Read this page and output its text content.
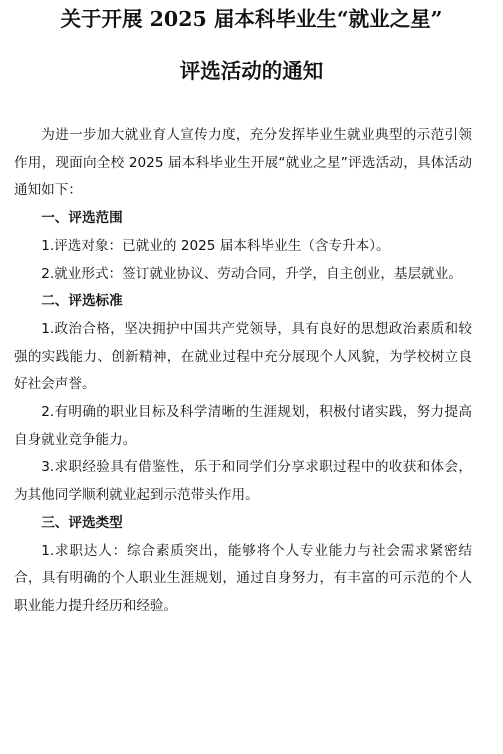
关于开展 2025 届本科毕业生“就业之星”
评选活动的通知

为进一步加大就业育人宣传力度，充分发挥毕业生就业典型的示范引领作用，现面向全校 2025 届本科毕业生开展“就业之星”评选活动，具体活动通知如下：

一、评选范围

1.评选对象：已就业的 2025 届本科毕业生（含专升本）。

2.就业形式：签订就业协议、劳动合同，升学，自主创业，基层就业。

二、评选标准

1.政治合格，坚决拥护中国共产党领导，具有良好的思想政治素质和较强的实践能力、创新精神，在就业过程中充分展现个人风貌，为学校树立良好社会声誉。

2.有明确的职业目标及科学清晰的生涯规划，积极付诸实践，努力提高自身就业竞争能力。

3.求职经验具有借鉴性，乐于和同学们分享求职过程中的收获和体会，为其他同学顺利就业起到示范带头作用。

三、评选类型

1.求职达人：综合素质突出，能够将个人专业能力与社会需求紧密结合，具有明确的个人职业生涯规划，通过自身努力，有丰富的可示范的个人职业能力提升经历和经验。
